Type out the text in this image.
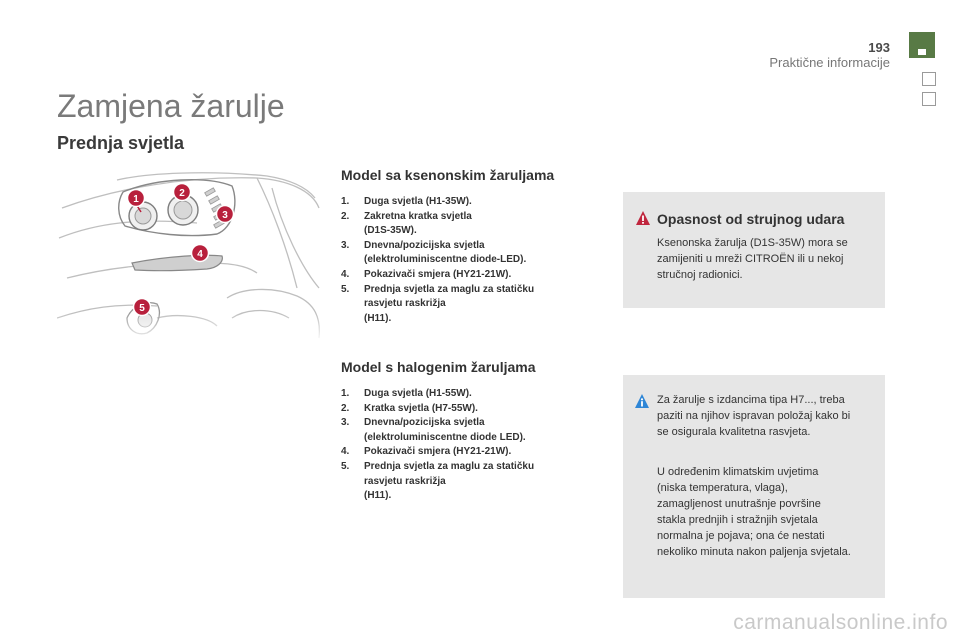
193
Praktične informacije
Zamjena žarulje
Prednja svjetla
1
2
3
4
5
Model sa ksenonskim žaruljama
1. Duga svjetla (H1-35W).
2. Zakretna kratka svjetla
(D1S-35W).
3. Dnevna/pozicijska svjetla
(elektroluminiscentne diode-LED).
4. Pokazivači smjera (HY21-21W).
5. Prednja svjetla za maglu za statičku
rasvjetu raskrižja
(H11).
Model s halogenim žaruljama
1. Duga svjetla (H1-55W).
2. Kratka svjetla (H7-55W).
3. Dnevna/pozicijska svjetla
(elektroluminiscentne diode LED).
4. Pokazivači smjera (HY21-21W).
5. Prednja svjetla za maglu za statičku
rasvjetu raskrižja
(H11).
Opasnost od strujnog udara
Ksenonska žarulja (D1S-35W) mora se
zamijeniti u mreži CITROËN ili u nekoj
stručnoj radionici.
Za žarulje s izdancima tipa H7..., treba
paziti na njihov ispravan položaj kako bi
se osigurala kvalitetna rasvjeta.
U određenim klimatskim uvjetima
(niska temperatura, vlaga),
zamagljenost unutrašnje površine
stakla prednjih i stražnjih svjetala
normalna je pojava; ona će nestati
nekoliko minuta nakon paljenja svjetala.
carmanualsonline.info
